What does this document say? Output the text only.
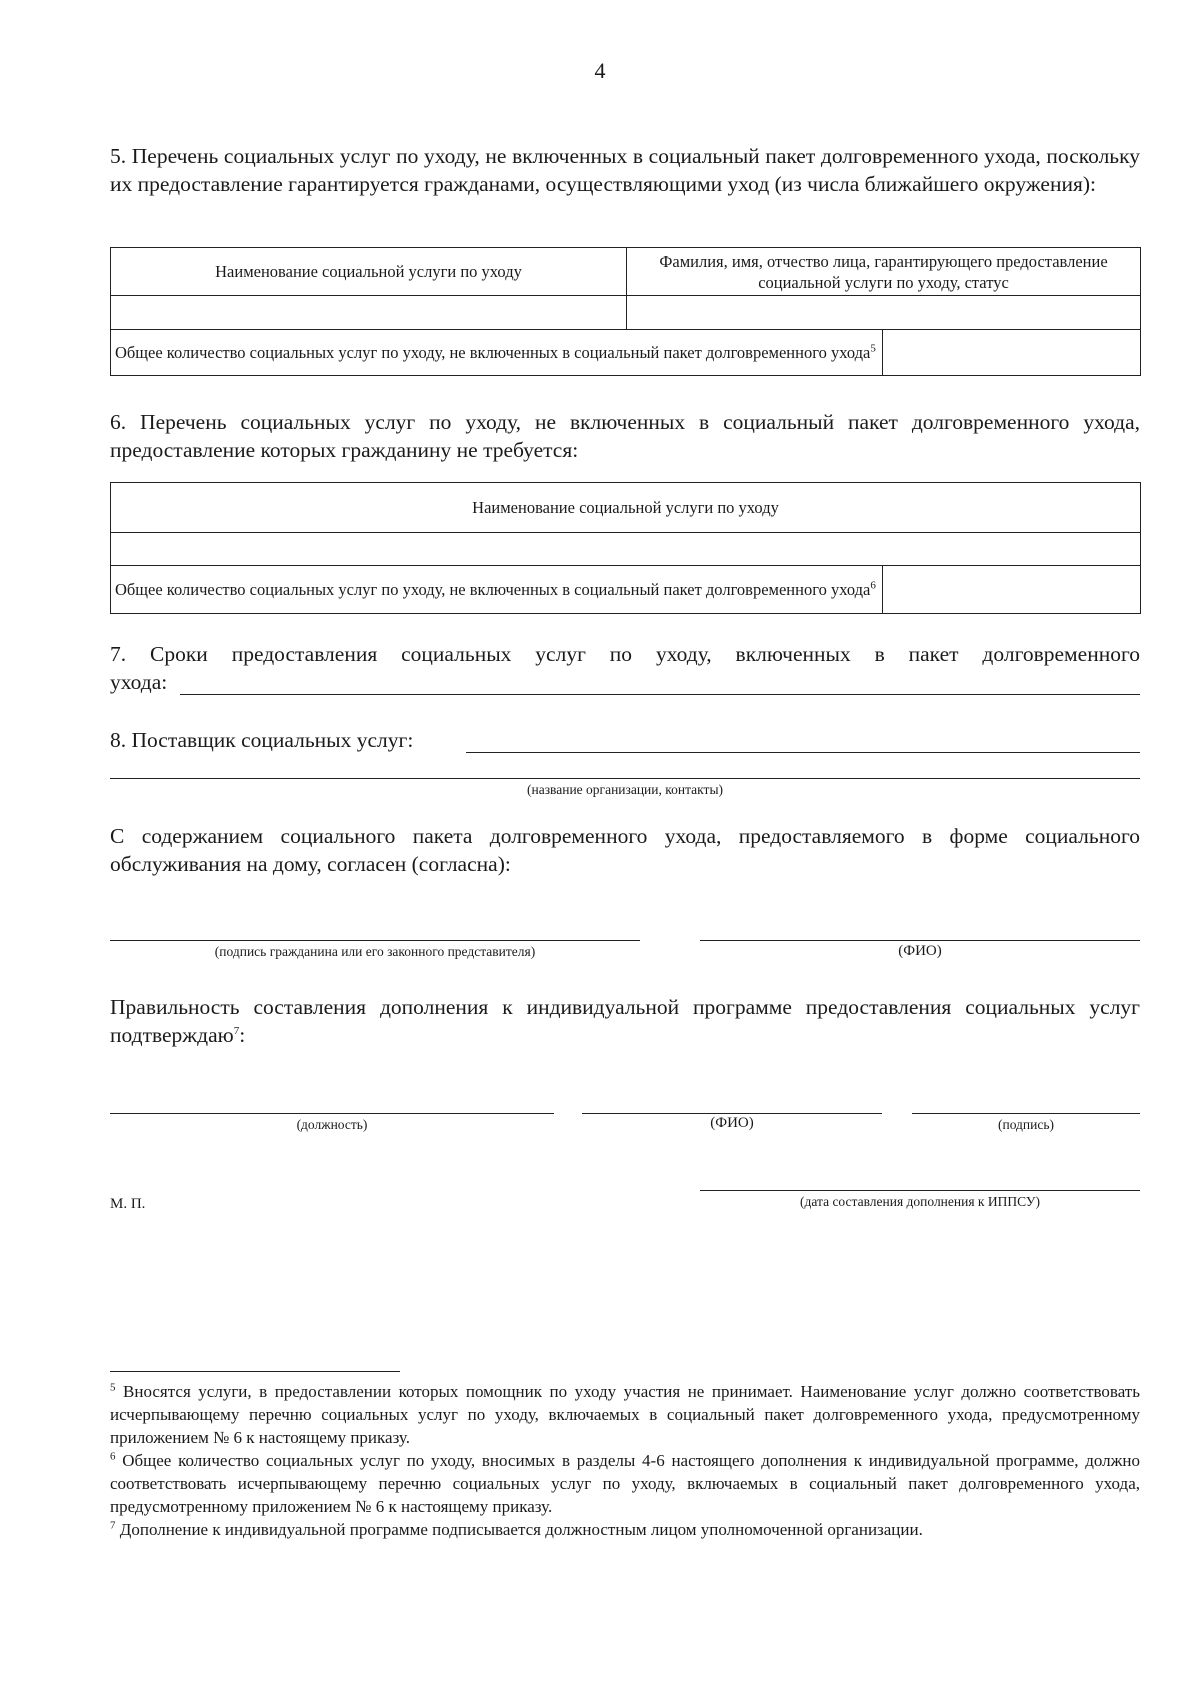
4
5. Перечень социальных услуг по уходу, не включенных в социальный пакет долговременного ухода, поскольку их предоставление гарантируется гражданами, осуществляющими уход (из числа ближайшего окружения):
Наименование социальной услуги по уходу	Фамилия, имя, отчество лица, гарантирующего предоставление социальной услуги по уходу, статус	

Общее количество социальных услуг по уходу, не включенных в социальный пакет долговременного ухода$^5$	
6. Перечень социальных услуг по уходу, не включенных в социальный пакет долговременного ухода, предоставление которых гражданину не требуется:
Наименование социальной услуги по уходу

Общее количество социальных услуг по уходу, не включенных в социальный пакет долговременного ухода$^6$	
7. Сроки предоставления социальных услуг по уходу, включенных в пакет долговременного
ухода:
8. Поставщик социальных услуг:
(название организации, контакты)
С содержанием социального пакета долговременного ухода, предоставляемого в форме социального обслуживания на дому, согласен (согласна):
(подпись гражданина или его законного представителя)	(ФИО)
Правильность составления дополнения к индивидуальной программе предоставления социальных услуг подтверждаю$^7$:
(должность)	(ФИО)	(подпись)
М. П.	(дата составления дополнения к ИППСУ)

$^5$ Вносятся услуги, в предоставлении которых помощник по уходу участия не принимает. Наименование услуг должно соответствовать исчерпывающему перечню социальных услуг по уходу, включаемых в социальный пакет долговременного ухода, предусмотренному приложением № 6 к настоящему приказу.

$^6$ Общее количество социальных услуг по уходу, вносимых в разделы 4-6 настоящего дополнения к индивидуальной программе, должно соответствовать исчерпывающему перечню социальных услуг по уходу, включаемых в социальный пакет долговременного ухода, предусмотренному приложением № 6 к настоящему приказу.

$^7$ Дополнение к индивидуальной программе подписывается должностным лицом уполномоченной организации.
